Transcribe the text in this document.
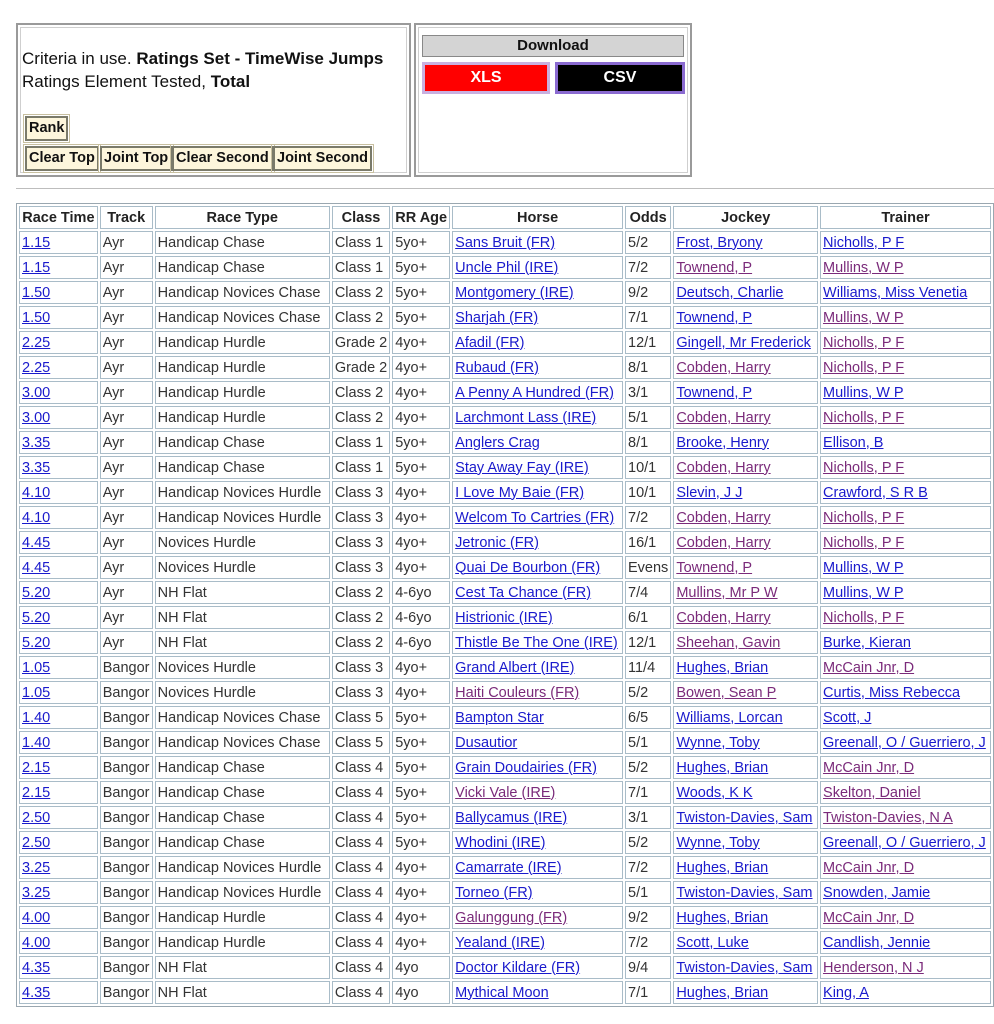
Criteria in use. Ratings Set - TimeWise Jumps
Ratings Element Tested, Total
Rank
Clear Top Joint Top Clear Second Joint Second
Download
XLS	CSV
Race Time	Track	Race Type	Class	RR Age	Horse	Odds	Jockey	Trainer
1.15	Ayr	Handicap Chase	Class 1	5yo+	Sans Bruit (FR)	5/2	Frost, Bryony	Nicholls, P F
1.15	Ayr	Handicap Chase	Class 1	5yo+	Uncle Phil (IRE)	7/2	Townend, P	Mullins, W P
1.50	Ayr	Handicap Novices Chase	Class 2	5yo+	Montgomery (IRE)	9/2	Deutsch, Charlie	Williams, Miss Venetia
1.50	Ayr	Handicap Novices Chase	Class 2	5yo+	Sharjah (FR)	7/1	Townend, P	Mullins, W P
2.25	Ayr	Handicap Hurdle	Grade 2	4yo+	Afadil (FR)	12/1	Gingell, Mr Frederick	Nicholls, P F
2.25	Ayr	Handicap Hurdle	Grade 2	4yo+	Rubaud (FR)	8/1	Cobden, Harry	Nicholls, P F
3.00	Ayr	Handicap Hurdle	Class 2	4yo+	A Penny A Hundred (FR)	3/1	Townend, P	Mullins, W P
3.00	Ayr	Handicap Hurdle	Class 2	4yo+	Larchmont Lass (IRE)	5/1	Cobden, Harry	Nicholls, P F
3.35	Ayr	Handicap Chase	Class 1	5yo+	Anglers Crag	8/1	Brooke, Henry	Ellison, B
3.35	Ayr	Handicap Chase	Class 1	5yo+	Stay Away Fay (IRE)	10/1	Cobden, Harry	Nicholls, P F
4.10	Ayr	Handicap Novices Hurdle	Class 3	4yo+	I Love My Baie (FR)	10/1	Slevin, J J	Crawford, S R B
4.10	Ayr	Handicap Novices Hurdle	Class 3	4yo+	Welcom To Cartries (FR)	7/2	Cobden, Harry	Nicholls, P F
4.45	Ayr	Novices Hurdle	Class 3	4yo+	Jetronic (FR)	16/1	Cobden, Harry	Nicholls, P F
4.45	Ayr	Novices Hurdle	Class 3	4yo+	Quai De Bourbon (FR)	Evens	Townend, P	Mullins, W P
5.20	Ayr	NH Flat	Class 2	4-6yo	Cest Ta Chance (FR)	7/4	Mullins, Mr P W	Mullins, W P
5.20	Ayr	NH Flat	Class 2	4-6yo	Histrionic (IRE)	6/1	Cobden, Harry	Nicholls, P F
5.20	Ayr	NH Flat	Class 2	4-6yo	Thistle Be The One (IRE)	12/1	Sheehan, Gavin	Burke, Kieran
1.05	Bangor	Novices Hurdle	Class 3	4yo+	Grand Albert (IRE)	11/4	Hughes, Brian	McCain Jnr, D
1.05	Bangor	Novices Hurdle	Class 3	4yo+	Haiti Couleurs (FR)	5/2	Bowen, Sean P	Curtis, Miss Rebecca
1.40	Bangor	Handicap Novices Chase	Class 5	5yo+	Bampton Star	6/5	Williams, Lorcan	Scott, J
1.40	Bangor	Handicap Novices Chase	Class 5	5yo+	Dusautior	5/1	Wynne, Toby	Greenall, O / Guerriero, J
2.15	Bangor	Handicap Chase	Class 4	5yo+	Grain Doudairies (FR)	5/2	Hughes, Brian	McCain Jnr, D
2.15	Bangor	Handicap Chase	Class 4	5yo+	Vicki Vale (IRE)	7/1	Woods, K K	Skelton, Daniel
2.50	Bangor	Handicap Chase	Class 4	5yo+	Ballycamus (IRE)	3/1	Twiston-Davies, Sam	Twiston-Davies, N A
2.50	Bangor	Handicap Chase	Class 4	5yo+	Whodini (IRE)	5/2	Wynne, Toby	Greenall, O / Guerriero, J
3.25	Bangor	Handicap Novices Hurdle	Class 4	4yo+	Camarrate (IRE)	7/2	Hughes, Brian	McCain Jnr, D
3.25	Bangor	Handicap Novices Hurdle	Class 4	4yo+	Torneo (FR)	5/1	Twiston-Davies, Sam	Snowden, Jamie
4.00	Bangor	Handicap Hurdle	Class 4	4yo+	Galunggung (FR)	9/2	Hughes, Brian	McCain Jnr, D
4.00	Bangor	Handicap Hurdle	Class 4	4yo+	Yealand (IRE)	7/2	Scott, Luke	Candlish, Jennie
4.35	Bangor	NH Flat	Class 4	4yo	Doctor Kildare (FR)	9/4	Twiston-Davies, Sam	Henderson, N J
4.35	Bangor	NH Flat	Class 4	4yo	Mythical Moon	7/1	Hughes, Brian	King, A
